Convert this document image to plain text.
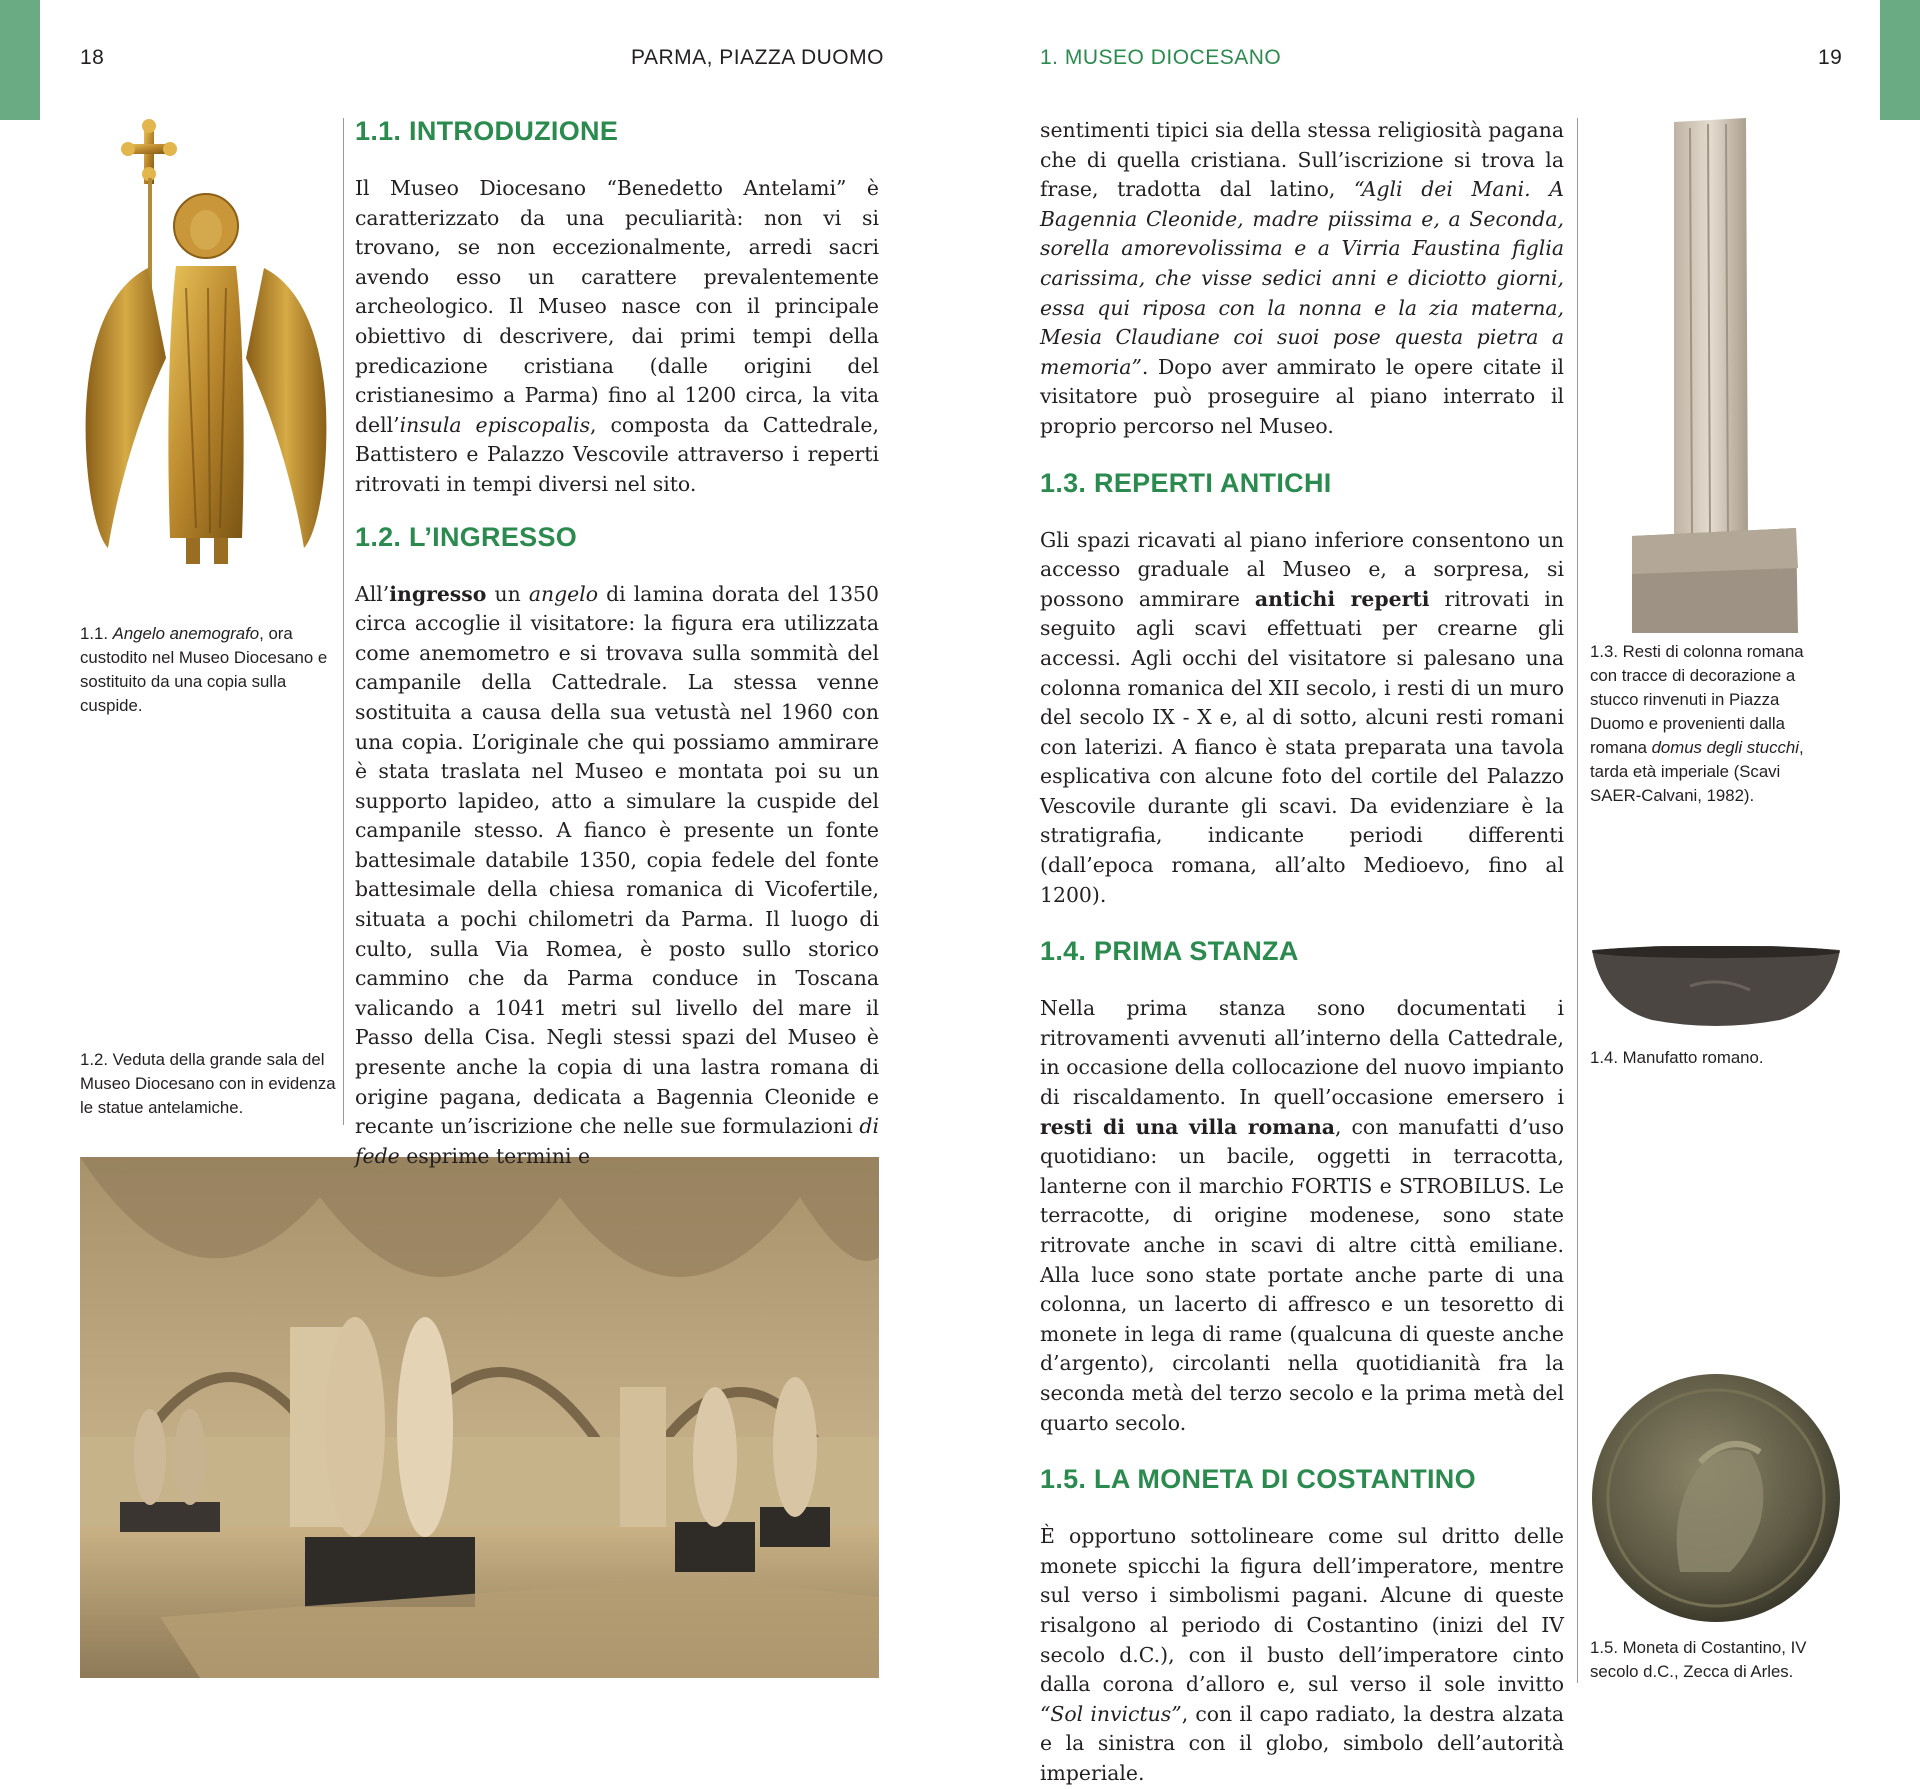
18	PARMA, PIAZZA DUOMO	1. MUSEO DIOCESANO	19
1.1. Angelo anemografo, ora custodito nel Museo Diocesano e sostituito da una copia sulla cuspide.
1.2. Veduta della grande sala del Museo Diocesano con in evidenza le statue antelamiche.
1.1. INTRODUZIONE

Il Museo Diocesano “Benedetto Antelami” è caratterizzato da una peculiarità: non vi si trovano, se non eccezionalmente, arredi sacri avendo esso un carattere prevalentemente archeologico. Il Museo nasce con il principale obiettivo di descrivere, dai primi tempi della predicazione cristiana (dalle origini del cristianesimo a Parma) fino al 1200 circa, la vita dell’insula episcopalis, composta da Cattedrale, Battistero e Palazzo Vescovile attraverso i reperti ritrovati in tempi diversi nel sito.

1.2. L’INGRESSO

All’ingresso un angelo di lamina dorata del 1350 circa accoglie il visitatore: la figura era utilizzata come anemometro e si trovava sulla sommità del campanile della Cattedrale. La stessa venne sostituita a causa della sua vetustà nel 1960 con una copia. L’originale che qui possiamo ammirare è stata traslata nel Museo e montata poi su un supporto lapideo, atto a simulare la cuspide del campanile stesso. A fianco è presente un fonte battesimale databile 1350, copia fedele del fonte battesimale della chiesa romanica di Vicofertile, situata a pochi chilometri da Parma. Il luogo di culto, sulla Via Romea, è posto sullo storico cammino che da Parma conduce in Toscana valicando a 1041 metri sul livello del mare il Passo della Cisa. Negli stessi spazi del Museo è presente anche la copia di una lastra romana di origine pagana, dedicata a Bagennia Cleonide e recante un’iscrizione che nelle sue formulazioni di fede esprime termini e

sentimenti tipici sia della stessa religiosità pagana che di quella cristiana. Sull’iscrizione si trova la frase, tradotta dal latino, “Agli dei Mani. A Bagennia Cleonide, madre piissima e, a Seconda, sorella amorevolissima e a Virria Faustina figlia carissima, che visse sedici anni e diciotto giorni, essa qui riposa con la nonna e la zia materna, Mesia Claudiane coi suoi pose questa pietra a memoria”. Dopo aver ammirato le opere citate il visitatore può proseguire al piano interrato il proprio percorso nel Museo.

1.3. REPERTI ANTICHI

Gli spazi ricavati al piano inferiore consentono un accesso graduale al Museo e, a sorpresa, si possono ammirare antichi reperti ritrovati in seguito agli scavi effettuati per crearne gli accessi. Agli occhi del visitatore si palesano una colonna romanica del XII secolo, i resti di un muro del secolo IX - X e, al di sotto, alcuni resti romani con laterizi. A fianco è stata preparata una tavola esplicativa con alcune foto del cortile del Palazzo Vescovile durante gli scavi. Da evidenziare è la stratigrafia, indicante periodi differenti (dall’epoca romana, all’alto Medioevo, fino al 1200).

1.4. PRIMA STANZA

Nella prima stanza sono documentati i ritrovamenti avvenuti all’interno della Cattedrale, in occasione della collocazione del nuovo impianto di riscaldamento. In quell’occasione emersero i resti di una villa romana, con manufatti d’uso quotidiano: un bacile, oggetti in terracotta, lanterne con il marchio FORTIS e STROBILUS. Le terracotte, di origine modenese, sono state ritrovate anche in scavi di altre città emiliane. Alla luce sono state portate anche parte di una colonna, un lacerto di affresco e un tesoretto di monete in lega di rame (qualcuna di queste anche d’argento), circolanti nella quotidianità fra la seconda metà del terzo secolo e la prima metà del quarto secolo.

1.5. LA MONETA DI COSTANTINO

È opportuno sottolineare come sul dritto delle monete spicchi la figura dell’imperatore, mentre sul verso i simbolismi pagani. Alcune di queste risalgono al periodo di Costantino (inizi del IV secolo d.C.), con il busto dell’imperatore cinto dalla corona d’alloro e, sul verso il sole invitto “Sol invictus”, con il capo radiato, la destra alzata e la sinistra con il globo, simbolo dell’autorità imperiale.

1.3. Resti di colonna romana con tracce di decorazione a stucco rinvenuti in Piazza Duomo e provenienti dalla romana domus degli stucchi, tarda età imperiale (Scavi SAER-Calvani, 1982).
1.4. Manufatto romano.
1.5. Moneta di Costantino, IV secolo d.C., Zecca di Arles.
